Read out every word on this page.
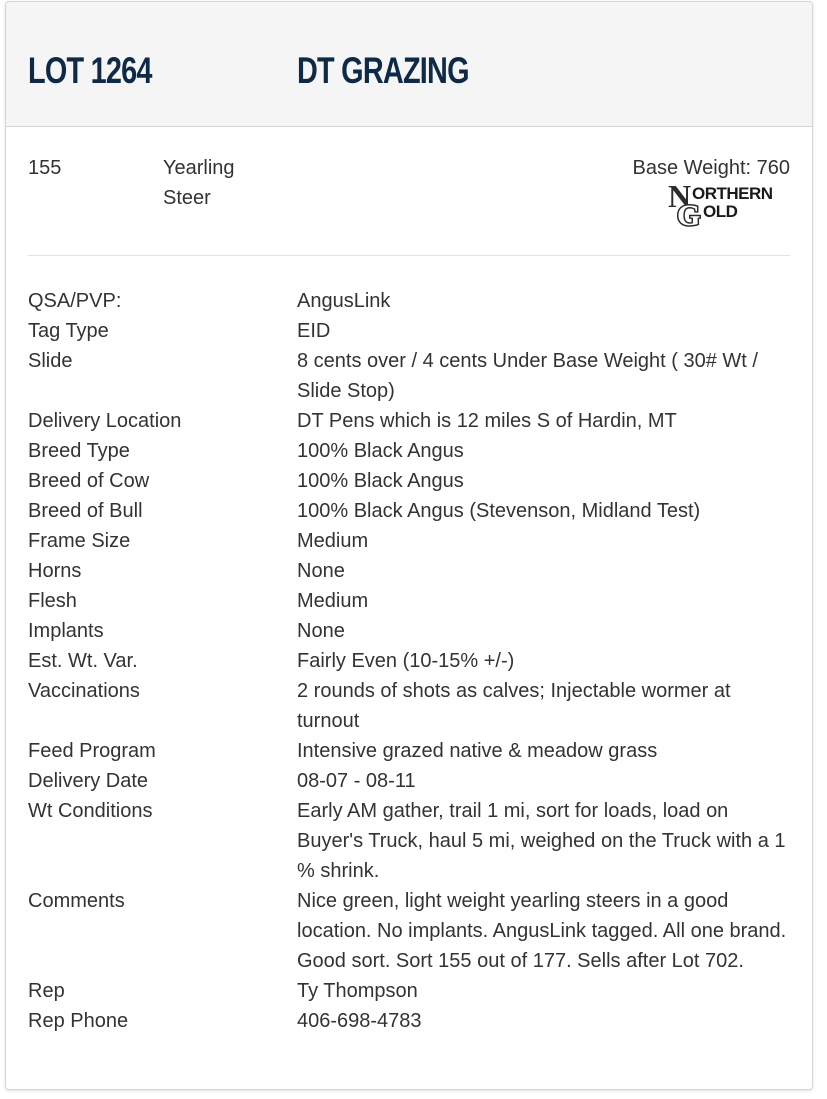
LOT 1264	DT GRAZING
155	Yearling Steer
Base Weight: 760
N
G
ORTHERN
OLD
QSA/PVP:	AngusLink
Tag Type	EID
Slide	8 cents over / 4 cents Under Base Weight ( 30# Wt / Slide Stop)
Delivery Location	DT Pens which is 12 miles S of Hardin, MT
Breed Type	100% Black Angus
Breed of Cow	100% Black Angus
Breed of Bull	100% Black Angus (Stevenson, Midland Test)
Frame Size	Medium
Horns	None
Flesh	Medium
Implants	None
Est. Wt. Var.	Fairly Even (10-15% +/-)
Vaccinations	2 rounds of shots as calves; Injectable wormer at turnout
Feed Program	Intensive grazed native & meadow grass
Delivery Date	08-07 - 08-11
Wt Conditions	Early AM gather, trail 1 mi, sort for loads, load on Buyer's Truck, haul 5 mi, weighed on the Truck with a 1 % shrink.
Comments	Nice green, light weight yearling steers in a good location. No implants. AngusLink tagged. All one brand. Good sort. Sort 155 out of 177. Sells after Lot 702.
Rep	Ty Thompson
Rep Phone	406-698-4783
